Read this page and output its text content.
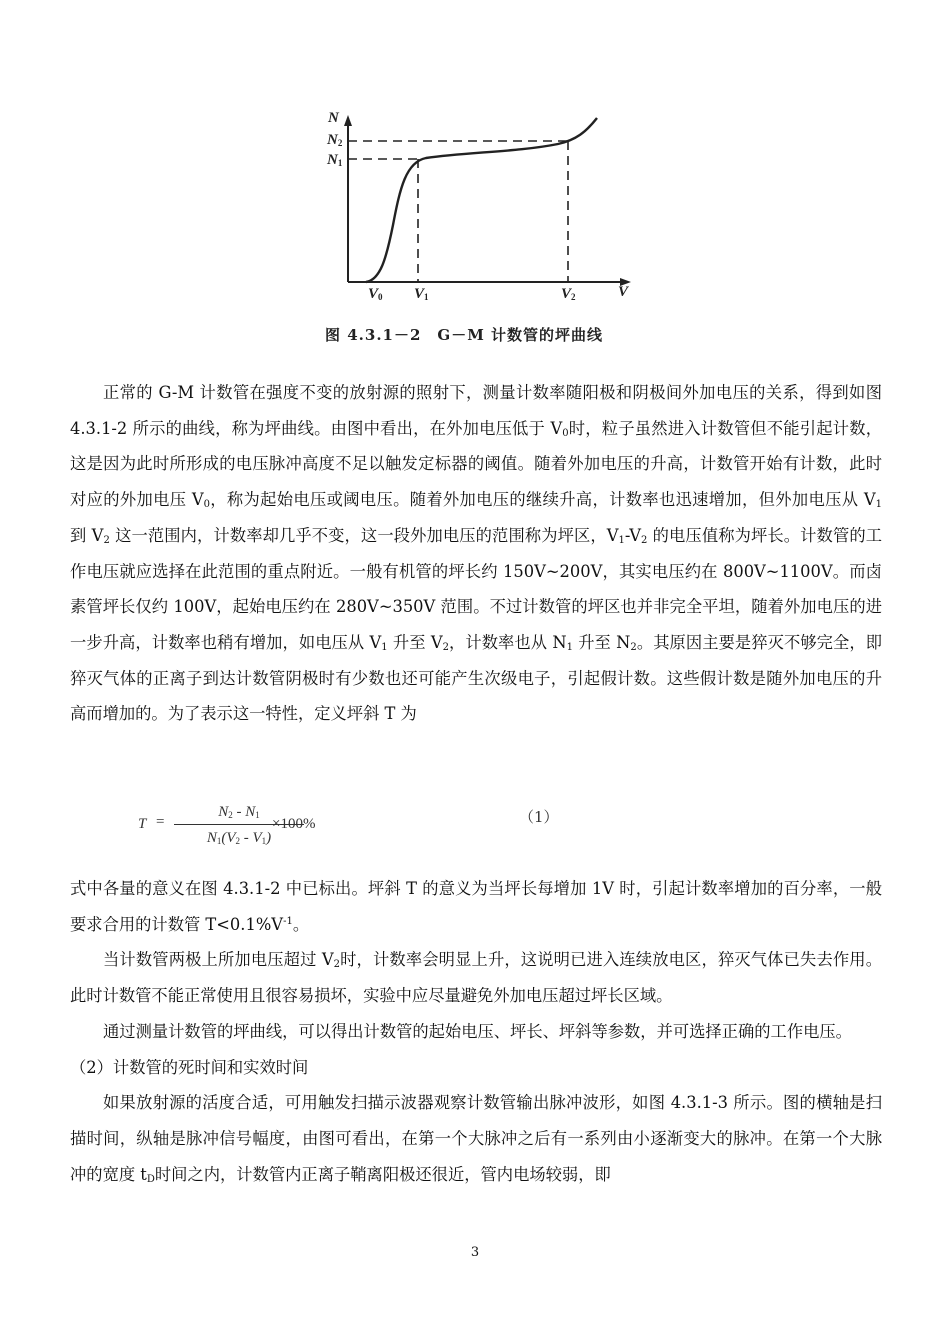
N
$N_2$
$N_1$
$V_0$ $V_1$	$V_2$	V
图 4.3.1－2　G－M 计数管的坪曲线

正常的 G-M 计数管在强度不变的放射源的照射下，测量计数率随阳极和阴极间外加电压的关系，得到如图 4.3.1-2 所示的曲线，称为坪曲线。由图中看出，在外加电压低于 $V_0$时，粒子虽然进入计数管但不能引起计数，这是因为此时所形成的电压脉冲高度不足以触发定标器的阈值。随着外加电压的升高，计数管开始有计数，此时对应的外加电压 $V_0$，称为起始电压或阈电压。随着外加电压的继续升高，计数率也迅速增加，但外加电压从 $V_1$ 到 $V_2$ 这一范围内，计数率却几乎不变，这一段外加电压的范围称为坪区，$V_1-V_2$ 的电压值称为坪长。计数管的工作电压就应选择在此范围的重点附近。一般有机管的坪长约 150V~200V，其实电压约在 800V~1100V。而卤素管坪长仅约 100V，起始电压约在 280V~350V 范围。不过计数管的坪区也并非完全平坦，随着外加电压的进一步升高，计数率也稍有增加，如电压从 $V_1$ 升至 $V_2$，计数率也从 $N_1$ 升至 $N_2$。其原因主要是猝灭不够完全，即猝灭气体的正离子到达计数管阴极时有少数也还可能产生次级电子，引起假计数。这些假计数是随外加电压的升高而增加的。为了表示这一特性，定义坪斜 T 为

T =
$N_2 - N_1$
$N_1(V_2 - V_1)$
×100%	（1）

式中各量的意义在图 4.3.1-2 中已标出。坪斜 T 的意义为当坪长每增加 1V 时，引起计数率增加的百分率，一般要求合用的计数管 $T<0.1\%V^{-1}$。

当计数管两极上所加电压超过 $V_2$时，计数率会明显上升，这说明已进入连续放电区，猝灭气体已失去作用。此时计数管不能正常使用且很容易损坏，实验中应尽量避免外加电压超过坪长区域。

通过测量计数管的坪曲线，可以得出计数管的起始电压、坪长、坪斜等参数，并可选择正确的工作电压。

（2）计数管的死时间和实效时间

如果放射源的活度合适，可用触发扫描示波器观察计数管输出脉冲波形，如图 4.3.1-3 所示。图的横轴是扫描时间，纵轴是脉冲信号幅度，由图可看出，在第一个大脉冲之后有一系列由小逐渐变大的脉冲。在第一个大脉冲的宽度 $t_D$时间之内，计数管内正离子鞘离阳极还很近，管内电场较弱，即

3
